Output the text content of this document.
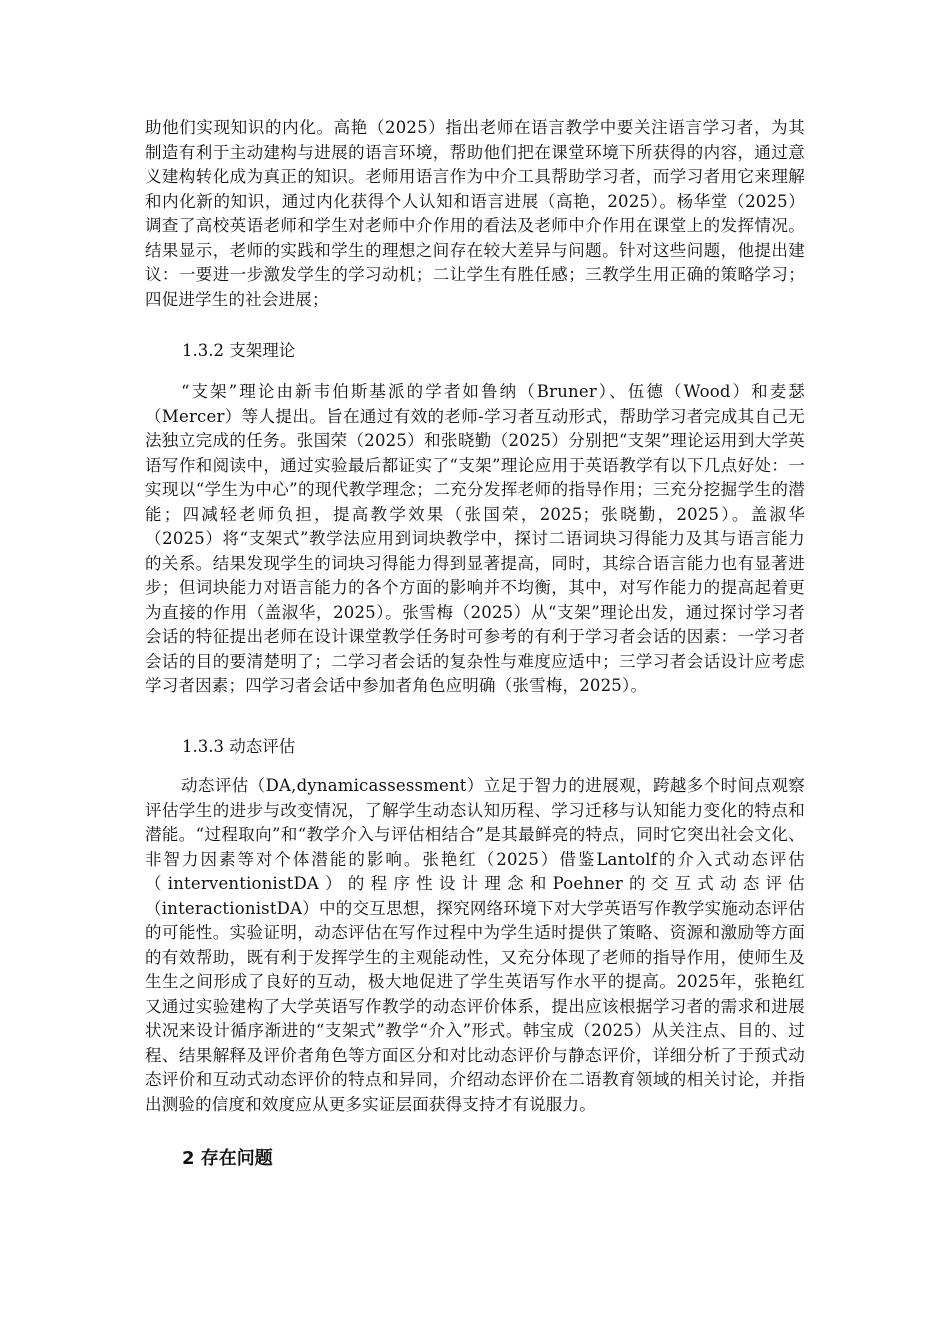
助他们实现知识的内化。高艳（2025）指出老师在语言教学中要关注语言学习者，为其制造有利于主动建构与进展的语言环境，帮助他们把在课堂环境下所获得的内容，通过意义建构转化成为真正的知识。老师用语言作为中介工具帮助学习者，而学习者用它来理解和内化新的知识，通过内化获得个人认知和语言进展（高艳，2025）。杨华堂（2025）调查了高校英语老师和学生对老师中介作用的看法及老师中介作用在课堂上的发挥情况。结果显示，老师的实践和学生的理想之间存在较大差异与问题。针对这些问题，他提出建议：一要进一步激发学生的学习动机；二让学生有胜任感；三教学生用正确的策略学习；四促进学生的社会进展；
1.3.2 支架理论
“支架”理论由新韦伯斯基派的学者如鲁纳（Bruner）、伍德（Wood）和麦瑟（Mercer）等人提出。旨在通过有效的老师-学习者互动形式，帮助学习者完成其自己无法独立完成的任务。张国荣（2025）和张晓勤（2025）分别把“支架”理论运用到大学英语写作和阅读中，通过实验最后都证实了“支架”理论应用于英语教学有以下几点好处：一实现以“学生为中心”的现代教学理念；二充分发挥老师的指导作用；三充分挖掘学生的潜能；四减轻老师负担，提高教学效果（张国荣，2025；张晓勤，2025）。盖淑华（2025）将“支架式”教学法应用到词块教学中，探讨二语词块习得能力及其与语言能力的关系。结果发现学生的词块习得能力得到显著提高，同时，其综合语言能力也有显著进步；但词块能力对语言能力的各个方面的影响并不均衡，其中，对写作能力的提高起着更为直接的作用（盖淑华，2025）。张雪梅（2025）从“支架”理论出发，通过探讨学习者会话的特征提出老师在设计课堂教学任务时可参考的有利于学习者会话的因素：一学习者会话的目的要清楚明了；二学习者会话的复杂性与难度应适中；三学习者会话设计应考虑学习者因素；四学习者会话中参加者角色应明确（张雪梅，2025）。
1.3.3 动态评估
动态评估（DA,dynamicassessment）立足于智力的进展观，跨越多个时间点观察评估学生的进步与改变情况，了解学生动态认知历程、学习迁移与认知能力变化的特点和潜能。“过程取向”和“教学介入与评估相结合”是其最鲜亮的特点，同时它突出社会文化、非智力因素等对个体潜能的影响。张艳红（2025）借鉴Lantolf的介入式动态评估（interventionistDA）的程序性设计理念和Poehner的交互式动态评估（interactionistDA）中的交互思想，探究网络环境下对大学英语写作教学实施动态评估的可能性。实验证明，动态评估在写作过程中为学生适时提供了策略、资源和激励等方面的有效帮助，既有利于发挥学生的主观能动性，又充分体现了老师的指导作用，使师生及生生之间形成了良好的互动，极大地促进了学生英语写作水平的提高。2025年，张艳红又通过实验建构了大学英语写作教学的动态评价体系，提出应该根据学习者的需求和进展状况来设计循序渐进的“支架式”教学“介入”形式。韩宝成（2025）从关注点、目的、过程、结果解释及评价者角色等方面区分和对比动态评价与静态评价，详细分析了于预式动态评价和互动式动态评价的特点和异同，介绍动态评价在二语教育领域的相关讨论，并指出测验的信度和效度应从更多实证层面获得支持才有说服力。
2 存在问题
